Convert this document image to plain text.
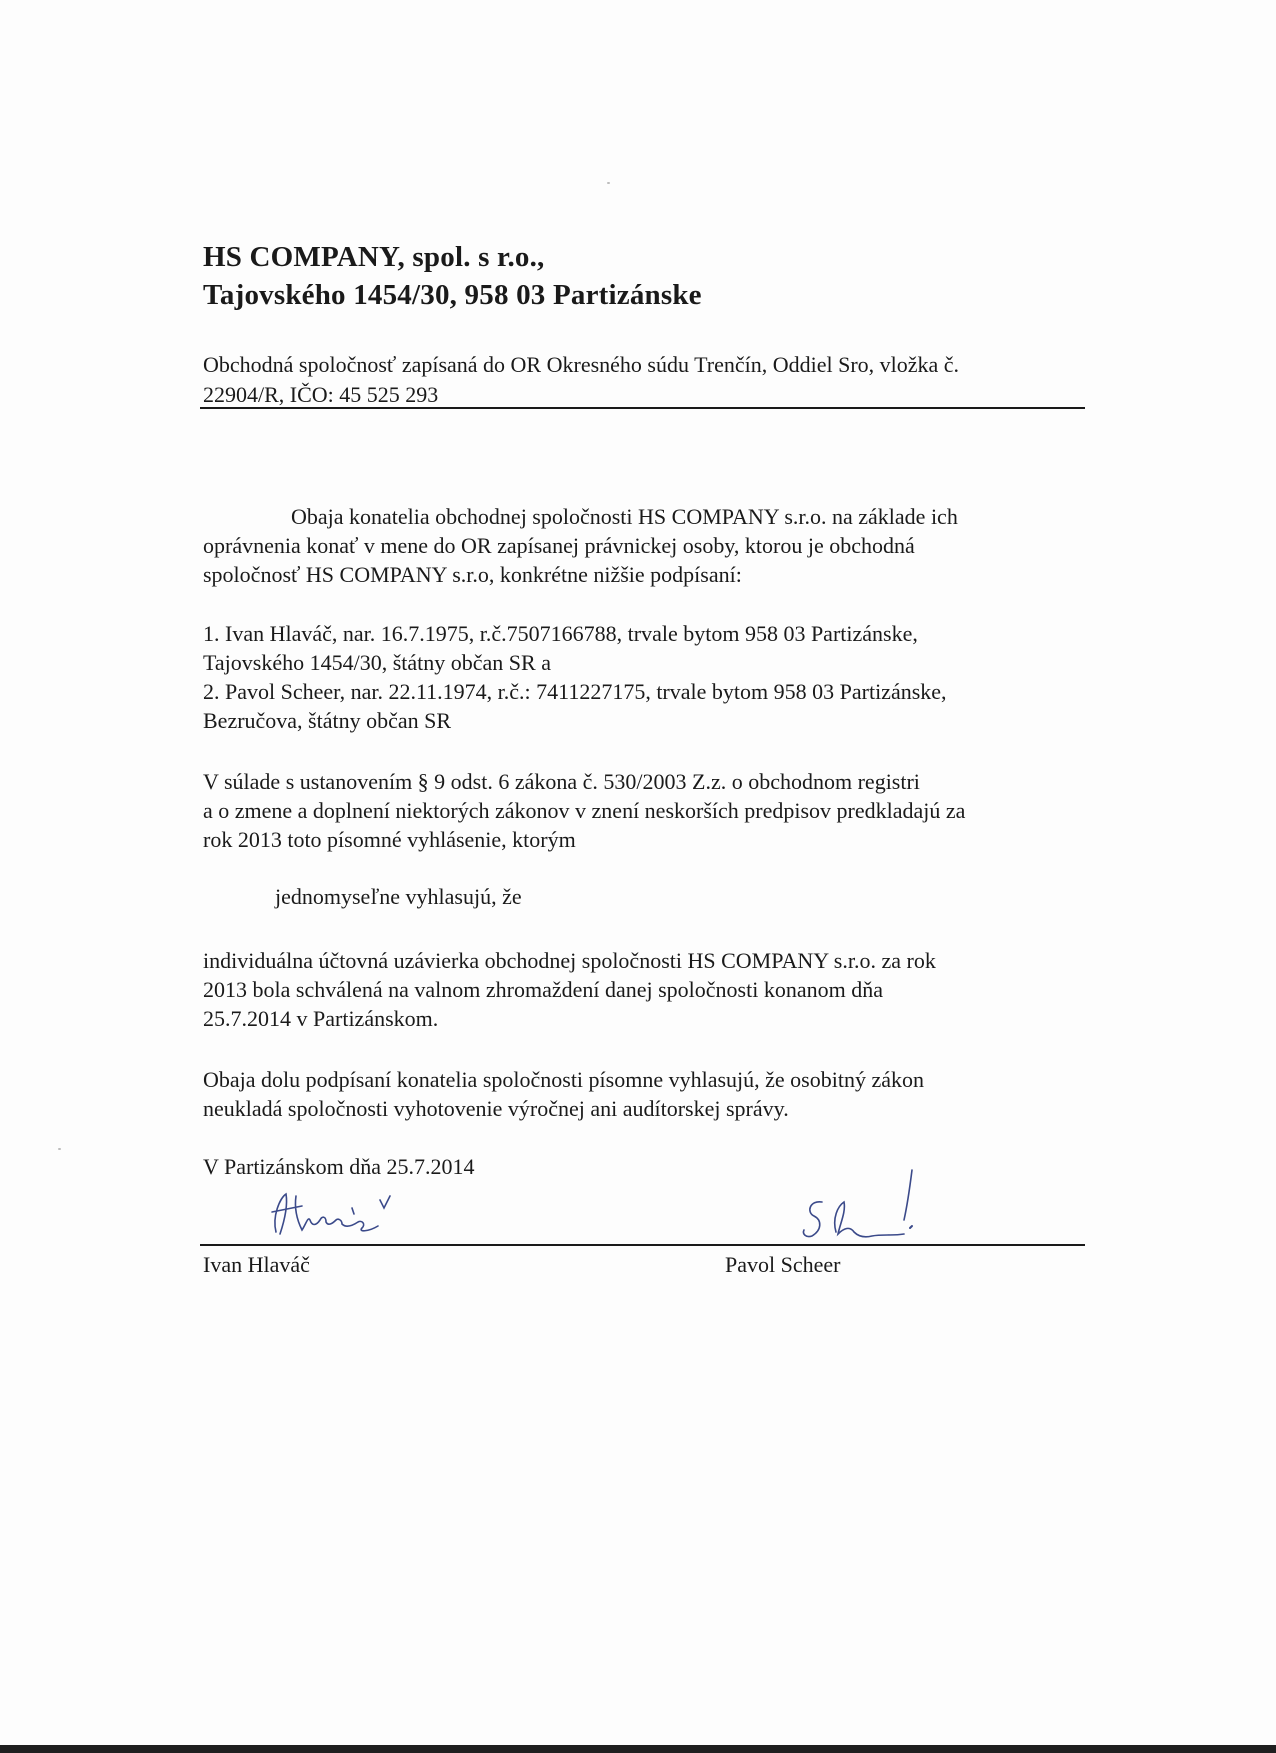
HS COMPANY, spol. s r.o.,
Tajovského 1454/30, 958 03 Partizánske
Obchodná spoločnosť zapísaná do OR Okresného súdu Trenčín, Oddiel Sro, vložka č.
22904/R, IČO: 45 525 293
Obaja konatelia obchodnej spoločnosti HS COMPANY s.r.o. na základe ich
oprávnenia konať v mene do OR zapísanej právnickej osoby, ktorou je obchodná
spoločnosť HS COMPANY s.r.o, konkrétne nižšie podpísaní:
1. Ivan Hlaváč, nar. 16.7.1975, r.č.7507166788, trvale bytom 958 03 Partizánske,
Tajovského 1454/30, štátny občan SR a
2. Pavol Scheer, nar. 22.11.1974, r.č.: 7411227175, trvale bytom 958 03 Partizánske,
Bezručova, štátny občan SR
V súlade s ustanovením § 9 odst. 6 zákona č. 530/2003 Z.z. o obchodnom registri
a o zmene a doplnení niektorých zákonov v znení neskorších predpisov predkladajú za
rok 2013 toto písomné vyhlásenie, ktorým
jednomyseľne vyhlasujú, že
individuálna účtovná uzávierka obchodnej spoločnosti HS COMPANY s.r.o. za rok
2013 bola schválená na valnom zhromaždení danej spoločnosti konanom dňa
25.7.2014 v Partizánskom.
Obaja dolu podpísaní konatelia spoločnosti písomne vyhlasujú, že osobitný zákon
neukladá spoločnosti vyhotovenie výročnej ani audítorskej správy.
V Partizánskom dňa 25.7.2014
Ivan Hlaváč	Pavol Scheer
